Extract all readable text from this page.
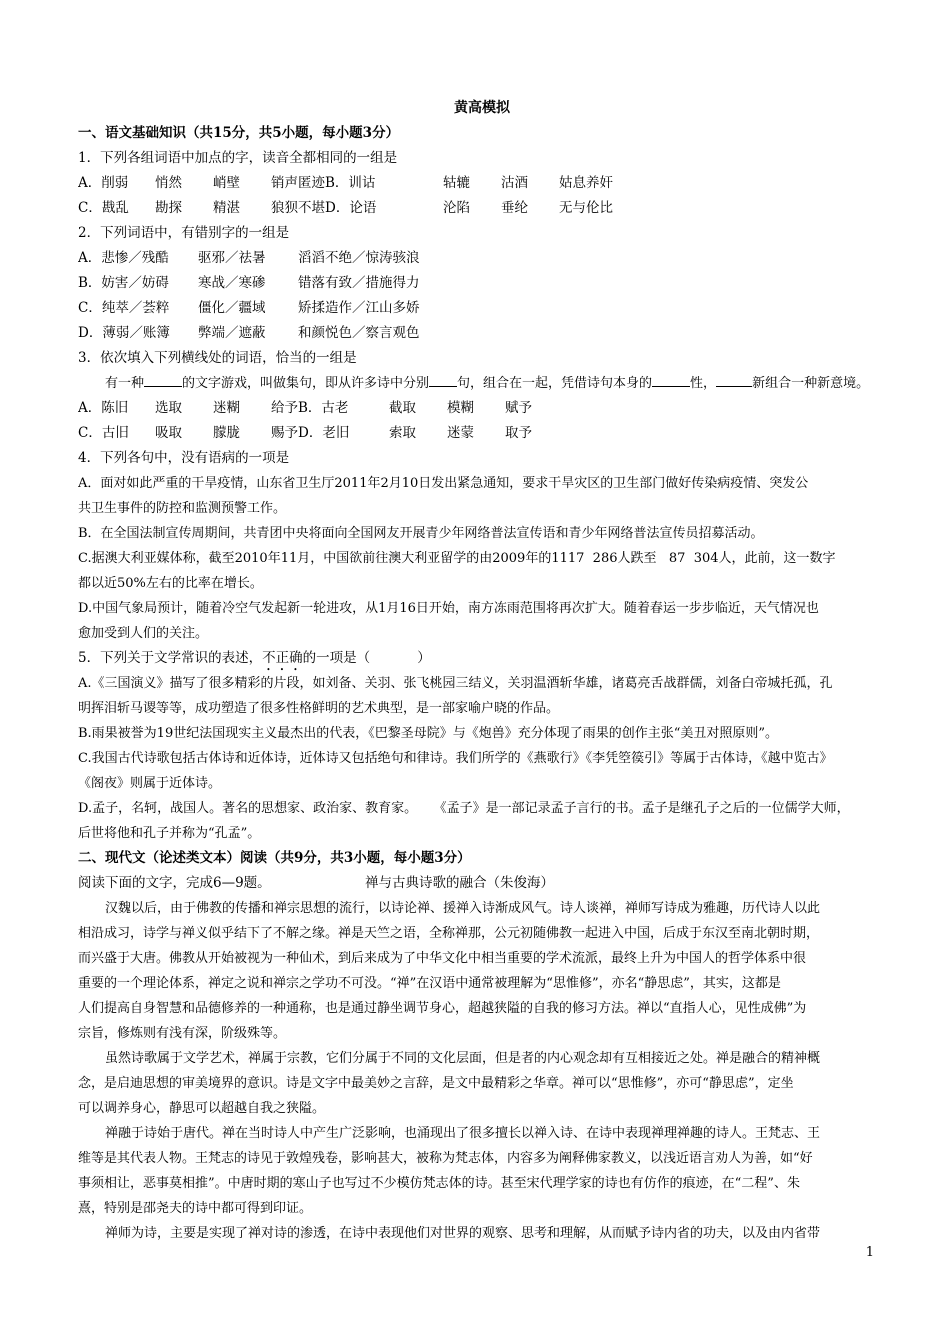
黄高模拟
一、语文基础知识（共15分，共5小题，每小题3分）
1．下列各组词语中加点的字，读音全都相同的一组是
A．削弱	悄然	峭壁	销声匿迹B．训诂	轱辘	沽酒	姑息养奸
C．戡乱	勘探	精湛	狼狈不堪D．论语	沦陷	垂纶	无与伦比
2．下列词语中，有错别字的一组是
A．悲惨／残酷	驱邪／祛暑	滔滔不绝／惊涛骇浪
B．妨害／妨碍	寒战／寒碜	错落有致／措施得力
C．纯萃／荟粹	僵化／疆域	矫揉造作／江山多娇
D．薄弱／账簿	弊端／遮蔽	和颜悦色／察言观色
3．依次填入下列横线处的词语，恰当的一组是
有一种	的文字游戏，叫做集句，即从许多诗中分别 句，组合在一起，凭借诗句本身的	性，	新组合一种新意境。
A．陈旧	选取	迷糊	给予B．古老	截取	模糊	赋予
C．古旧	吸取	朦胧	赐予D．老旧	索取	迷蒙	取予
4．下列各句中，没有语病的一项是
A．面对如此严重的干旱疫情，山东省卫生厅2011年2月10日发出紧急通知，要求干旱灾区的卫生部门做好传染病疫情、突发公
共卫生事件的防控和监测预警工作。
B．在全国法制宣传周期间，共青团中央将面向全国网友开展青少年网络普法宣传语和青少年网络普法宣传员招募活动。
C.据澳大利亚媒体称，截至2010年11月，中国欲前往澳大利亚留学的由2009年的1117  286人跌至   87  304人，此前，这一数字
都以近50%左右的比率在增长。
D.中国气象局预计，随着冷空气发起新一轮进攻，从1月16日开始，南方冻雨范围将再次扩大。随着春运一步步临近，天气情况也
愈加受到人们的关注。
5．下列关于文学常识的表述，不正确的一项是（           ）
A.《三国演义》描写了很多精彩的片段，如刘备、关羽、张飞桃园三结义，关羽温酒斩华雄，诸葛亮舌战群儒，刘备白帝城托孤，孔
明挥泪斩马谡等等，成功塑造了很多性格鲜明的艺术典型，是一部家喻户晓的作品。
B.雨果被誉为19世纪法国现实主义最杰出的代表，《巴黎圣母院》与《炮兽》充分体现了雨果的创作主张“美丑对照原则”。
C.我国古代诗歌包括古体诗和近体诗，近体诗又包括绝句和律诗。我们所学的《燕歌行》《李凭箜篌引》等属于古体诗，《越中览古》
《阁夜》则属于近体诗。
D.孟子，名轲，战国人。著名的思想家、政治家、教育家。    《孟子》是一部记录孟子言行的书。孟子是继孔子之后的一位儒学大师，
后世将他和孔子并称为“孔孟”。
二、现代文（论述类文本）阅读（共9分，共3小题，每小题3分）
阅读下面的文字，完成6—9题。	禅与古典诗歌的融合（朱俊海）
汉魏以后，由于佛教的传播和禅宗思想的流行，以诗论禅、援禅入诗渐成风气。诗人谈禅，禅师写诗成为雅趣，历代诗人以此
相沿成习，诗学与禅义似乎结下了不解之缘。禅是天竺之语，全称禅那，公元初随佛教一起进入中国，后成于东汉至南北朝时期，
而兴盛于大唐。佛教从开始被视为一种仙术，到后来成为了中华文化中相当重要的学术流派，最终上升为中国人的哲学体系中很
重要的一个理论体系，禅定之说和禅宗之学功不可没。“禅”在汉语中通常被理解为“思惟修”，亦名“静思虑”，其实，这都是
人们提高自身智慧和品德修养的一种通称，也是通过静坐调节身心，超越狭隘的自我的修习方法。禅以“直指人心，见性成佛”为
宗旨，修炼则有浅有深，阶级殊等。
虽然诗歌属于文学艺术，禅属于宗教，它们分属于不同的文化层面，但是者的内心观念却有互相接近之处。禅是融合的精神概
念，是启迪思想的审美境界的意识。诗是文字中最美妙之言辞，是文中最精彩之华章。禅可以“思惟修”，亦可“静思虑”，定坐
可以调养身心，静思可以超越自我之狭隘。
禅融于诗始于唐代。禅在当时诗人中产生广泛影响，也涌现出了很多擅长以禅入诗、在诗中表现禅理禅趣的诗人。王梵志、王
维等是其代表人物。王梵志的诗见于敦煌残卷，影响甚大，被称为梵志体，内容多为阐释佛家教义，以浅近语言劝人为善，如“好
事须相让，恶事莫相推”。中唐时期的寒山子也写过不少模仿梵志体的诗。甚至宋代理学家的诗也有仿作的痕迹，在“二程”、朱
熹，特别是邵尧夫的诗中都可得到印证。
禅师为诗，主要是实现了禅对诗的渗透，在诗中表现他们对世界的观察、思考和理解，从而赋予诗内省的功夫，以及由内省带
1
